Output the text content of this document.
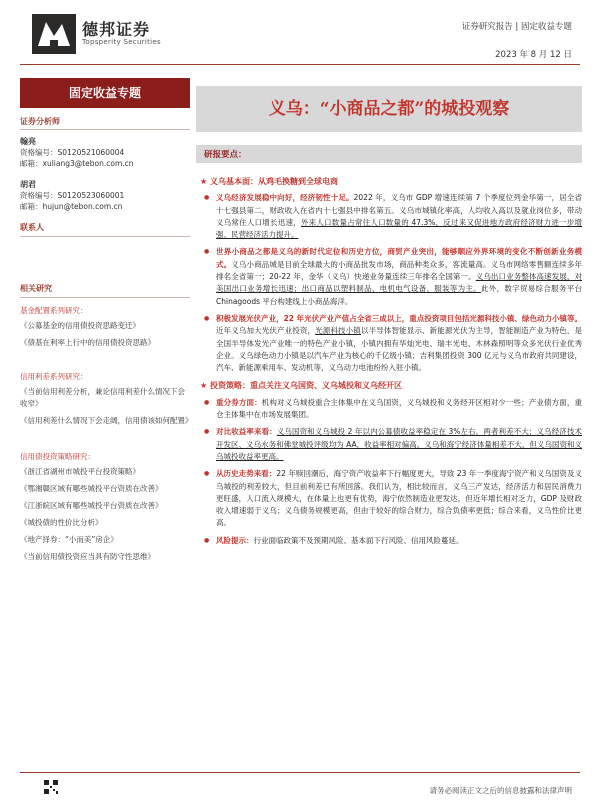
德邦证券
Topsperity Securities
证券研究报告 | 固定收益专题
2023 年 8 月 12 日
固定收益专题
义乌：“小商品之都”的城投观察
证券分析师
翰亮
资格编号：S0120521060004
邮箱：xuliang3@tebon.com.cn
胡君
资格编号：S0120523060001
邮箱：hujun@tebon.com.cn
联系人
相关研究
基金配置系列研究：
《公募基金的信用债投资思路变迁》
《债基在利率上行中的信用债投资思路》
信用利差系列研究：
《当前信用利差分析，兼论信用利差什么情况下会收窄》
《信用利差什么情况下会走阔，信用债该如何配置》
信用债投资策略研究：
《浙江省湖州市城投平台投资策略》
《鄂湘赣区域有哪些城投平台资质在改善》
《江浙皖区域有哪些城投平台资质在改善》
《城投债的性价比分析》
《地产择券：“小而美”房企》
《当前信用债投资应当具有防守性思维》
研报要点：
★ 义乌基本面：从鸡毛换糖到全球电商
● 义乌经济发展稳中向好，经济韧性十足。2022 年，义乌市 GDP 增速连续第 7 个季度位列金华第一，居全省十七强县第二，财政收入在省内十七强县中排名第五。义乌市城镇化率高，人均收入高以及就业岗位多，带动义乌常住人口增长迅速，外来人口数量占常住人口数量的 47.3%，反过来又促进地方政府经济财力进一步增强、民营经济活力提升。
● 世界小商品之都是义乌的新时代定位和历史方位，商贸产业突出，能够顺应外界环境的变化不断创新业务模式。义乌小商品城是目前全球最大的小商品批发市场，商品种类众多，客流量高。义乌市网络零售额连续多年排名全省第一；20-22 年，金华（义乌）快递业务量连续三年排名全国第一。义乌出口业务整体高速发展，对美国出口业务增长迅速；出口商品以塑料制品、电机电气设备、服装等为主。此外，数字贸易综合服务平台 Chinagoods 平台构建线上小商品海洋。
● 积极发展光伏产业，22 年光伏产业产值占全省三成以上，重点投资项目包括光源科技小镇、绿色动力小镇等。近年义乌加大光伏产业投资，光源科技小镇以半导体智能显示、新能源光伏为主导，智能制造产业为特色，是全国半导体发光产业唯一的特色产业小镇，小镇内拥有华灿光电、瑞丰光电、木林森照明等众多光伏行业优秀企业。义乌绿色动力小镇是以汽车产业为核心的千亿级小镇；吉利集团投资 300 亿元与义乌市政府共同建设，汽车、新能源乘用车、发动机等，义乌动力电池纷纷入驻小镇。
★ 投资策略：重点关注义乌国资、义乌城投和义乌经开区
● 重分券方面：机构对义乌城投重合主体集中在义乌国资，义乌城投和义务经开区相对少一些；产业债方面，重仓主体集中在市场发展集团。
● 对比收益率来看：义乌国资和义乌城投 2 年以内公募债收益率稳定在 3%左右，两者利差不大；义乌经济技术开发区、义乌水务和佛堂城投评级均为 AA，收益率相对偏高。义乌和海宁经济体量相差不大，但义乌国资和义乌城投收益率更高。
● 从历史走势来看：22 年赎回潮后，海宁资产收益率下行幅度更大，导致 23 年一季度海宁资产和义乌国资及义乌城投的利差较大，但目前利差已有所回落。我们认为，相比较而言，义乌三产发达，经济活力和居民消费力更旺盛，人口流入规模大，在体量上也更有优势，海宁依然制造业更发达，但近年增长相对乏力，GDP 及财政收入增速弱于义乌；义乌债务规模更高，但由于较好的综合财力，综合负债率更低；综合来看，义乌性价比更高。
● 风险提示：行业面临政策不及预期风险、基本面下行风险、信用风险蔓延。
请务必阅读正文之后的信息披露和法律声明
